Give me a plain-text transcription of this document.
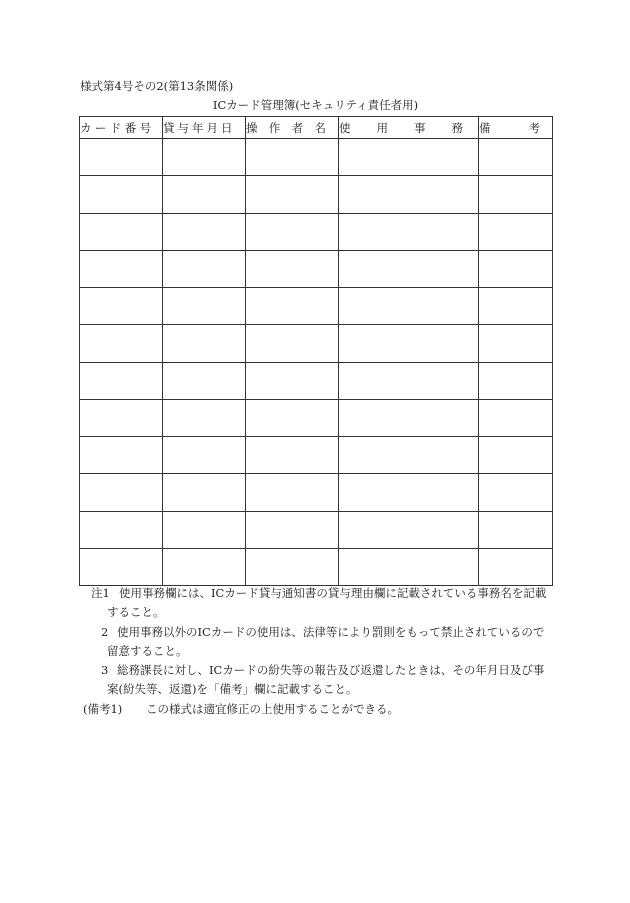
様式第4号その2(第13条関係)
ICカード管理簿(セキュリティ責任者用)
カード番号	貸与年月日	操作者名	使用事務	備考

注1 使用事務欄には、ICカード貸与通知書の貸与理由欄に記載されている事務名を記載
すること。
2 使用事務以外のICカードの使用は、法律等により罰則をもって禁止されているので
留意すること。
3 総務課長に対し、ICカードの紛失等の報告及び返還したときは、その年月日及び事
案(紛失等、返還)を「備考」欄に記載すること。
(備考1) この様式は適宜修正の上使用することができる。
